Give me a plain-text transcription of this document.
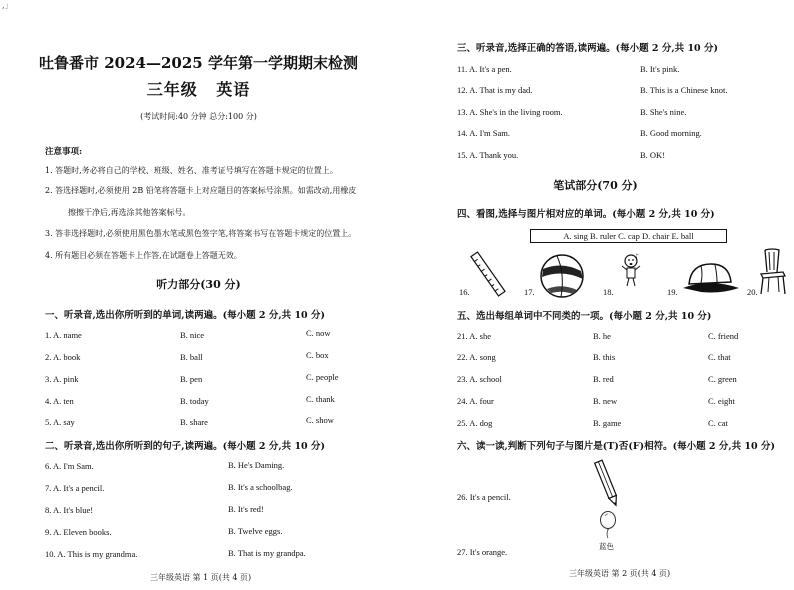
,」
吐鲁番市 2024—2025 学年第一学期期末检测
三年级 英语
(考试时间:40 分钟 总分:100 分)
注意事项:
1. 答题时,务必将自己的学校、班级、姓名、准考证号填写在答题卡规定的位置上。
2. 答选择题时,必须使用 2B 铅笔将答题卡上对应题目的答案标号涂黑。如需改动,用橡皮
擦擦干净后,再选涂其他答案标号。
3. 答非选择题时,必须使用黑色墨水笔或黑色签字笔,将答案书写在答题卡规定的位置上。
4. 所有题目必须在答题卡上作答,在试题卷上答题无效。
听力部分(30 分)
一、听录音,选出你所听到的单词,读两遍。(每小题 2 分,共 10 分)
1. A. name	B. nice	C. now
2. A. book	B. ball	C. box
3. A. pink	B. pen	C. people
4. A. ten	B. today	C. thank
5. A. say	B. share	C. show
二、听录音,选出你所听到的句子,读两遍。(每小题 2 分,共 10 分)
6. A. I'm Sam.	B. He's Daming.
7. A. It's a pencil.	B. It's a schoolbag.
8. A. It's blue!	B. It's red!
9. A. Eleven books.	B. Twelve eggs.
10. A. This is my grandma.	B. That is my grandpa.
三年级英语 第 1 页(共 4 页)
三、听录音,选择正确的答语,读两遍。(每小题 2 分,共 10 分)
11. A. It's a pen.	B. It's pink.
12. A. That is my dad.	B. This is a Chinese knot.
13. A. She's in the living room.	B. She's nine.
14. A. I'm Sam.	B. Good morning.
15. A. Thank you.	B. OK!
笔试部分(70 分)
四、看图,选择与图片相对应的单词。(每小题 2 分,共 10 分)
A. sing B. ruler C. cap D. chair E. ball
16.	17.	18.
♪
19.	20.
五、选出每组单词中不同类的一项。(每小题 2 分,共 10 分)
21. A. she	B. he	C. friend
22. A. song	B. this	C. that
23. A. school	B. red	C. green
24. A. four	B. new	C. eight
25. A. dog	B. game	C. cat
六、读一读,判断下列句子与图片是(T)否(F)相符。(每小题 2 分,共 10 分)
26. It's a pencil.
蓝色
27. It's orange.
三年级英语 第 2 页(共 4 页)
